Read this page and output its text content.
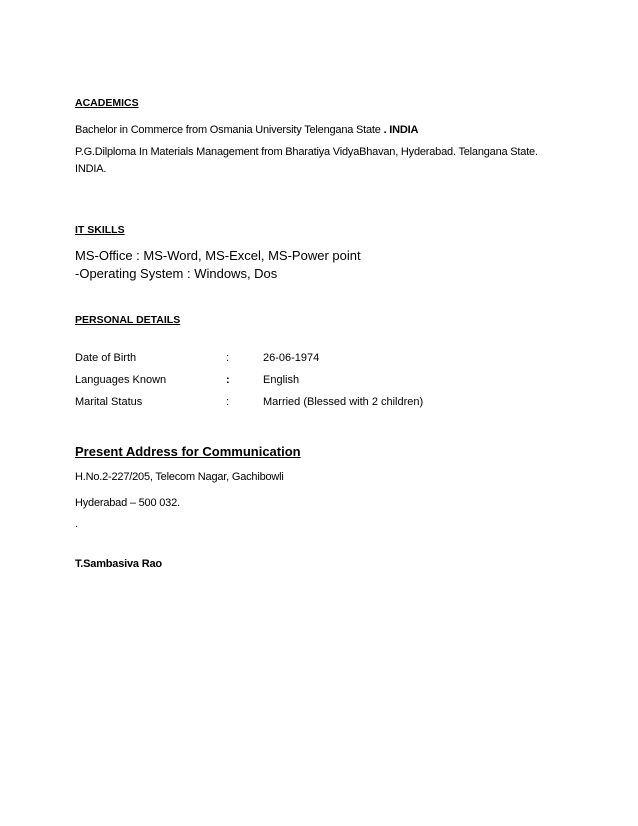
ACADEMICS
Bachelor in Commerce from Osmania University Telengana State . INDIA
P.G.Dilploma In Materials Management from Bharatiya VidyaBhavan, Hyderabad. Telangana State.
INDIA.
IT SKILLS
MS-Office : MS-Word, MS-Excel, MS-Power point
-Operating System : Windows, Dos
PERSONAL DETAILS
Date of Birth	:	26-06-1974
Languages Known	:	English
Marital Status	:	Married (Blessed with 2 children)
Present Address for Communication
H.No.2-227/205, Telecom Nagar, Gachibowli
Hyderabad – 500 032.
.
T.Sambasiva Rao
